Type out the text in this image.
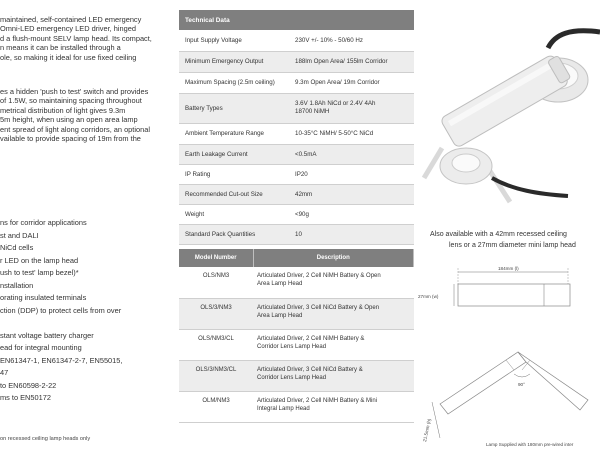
maintained, self-contained LED emergency
Omni-LED emergency LED driver, hinged
d a flush-mount SELV lamp head. Its compact,
n means it can be installed through a
ole, so making it ideal for use fixed ceiling
es a hidden 'push to test' switch and provides
of 1.5W, so maintaining spacing throughout
metrical distribution of light gives 9.3m
5m height, when using an open area lamp
ent spread of light along corridors, an optional
vailable to provide spacing of 19m from the
ns for corridor applications
st and DALI
NiCd cells
r LED on the lamp head
ush to test' lamp bezel)*
nstallation
orating insulated terminals
ction (DDP) to protect cells from over
stant voltage battery charger
ead for integral mounting
EN61347-1, EN61347-2-7, EN55015,
47
to EN60598-2-22
ms to EN50172
on recessed ceiling lamp heads only
Technical Data	
Input Supply Voltage	230V +/- 10% - 50/60 Hz
Minimum Emergency Output	188lm Open Area/ 155lm Corridor
Maximum Spacing (2.5m ceiling)	9.3m Open Area/ 19m Corridor
Battery Types	3.6V 1.8Ah NiCd or 2.4V 4Ah
18700 NiMH

Ambient Temperature Range	10-35°C NiMH/ 5-50°C NiCd
Earth Leakage Current	<0.5mA
IP Rating	IP20
Recommended Cut-out Size	42mm
Weight	<90g
Standard Pack Quantities	10
Model Number	Description
OLS/NM3	Articulated Driver, 2 Cell NiMH Battery & Open
Area Lamp Head

OLS/3/NM3	Articulated Driver, 3 Cell NiCd Battery & Open
Area Lamp Head

OLS/NM3/CL	Articulated Driver, 2 Cell NiMH Battery &
Corridor Lens Lamp Head

OLS/3/NM3/CL	Articulated Driver, 3 Cell NiCd Battery &
Corridor Lens Lamp Head

OLM/NM3	Articulated Driver, 2 Cell NiMH Battery & Mini
Integral Lamp Head
Also available with a 42mm recessed ceiling
lens or a 27mm diameter mini lamp head
184mm (l)
27mm (w)
90°
21.5mm (h)
Lamp Supplied with 180mm pre-wired inter
